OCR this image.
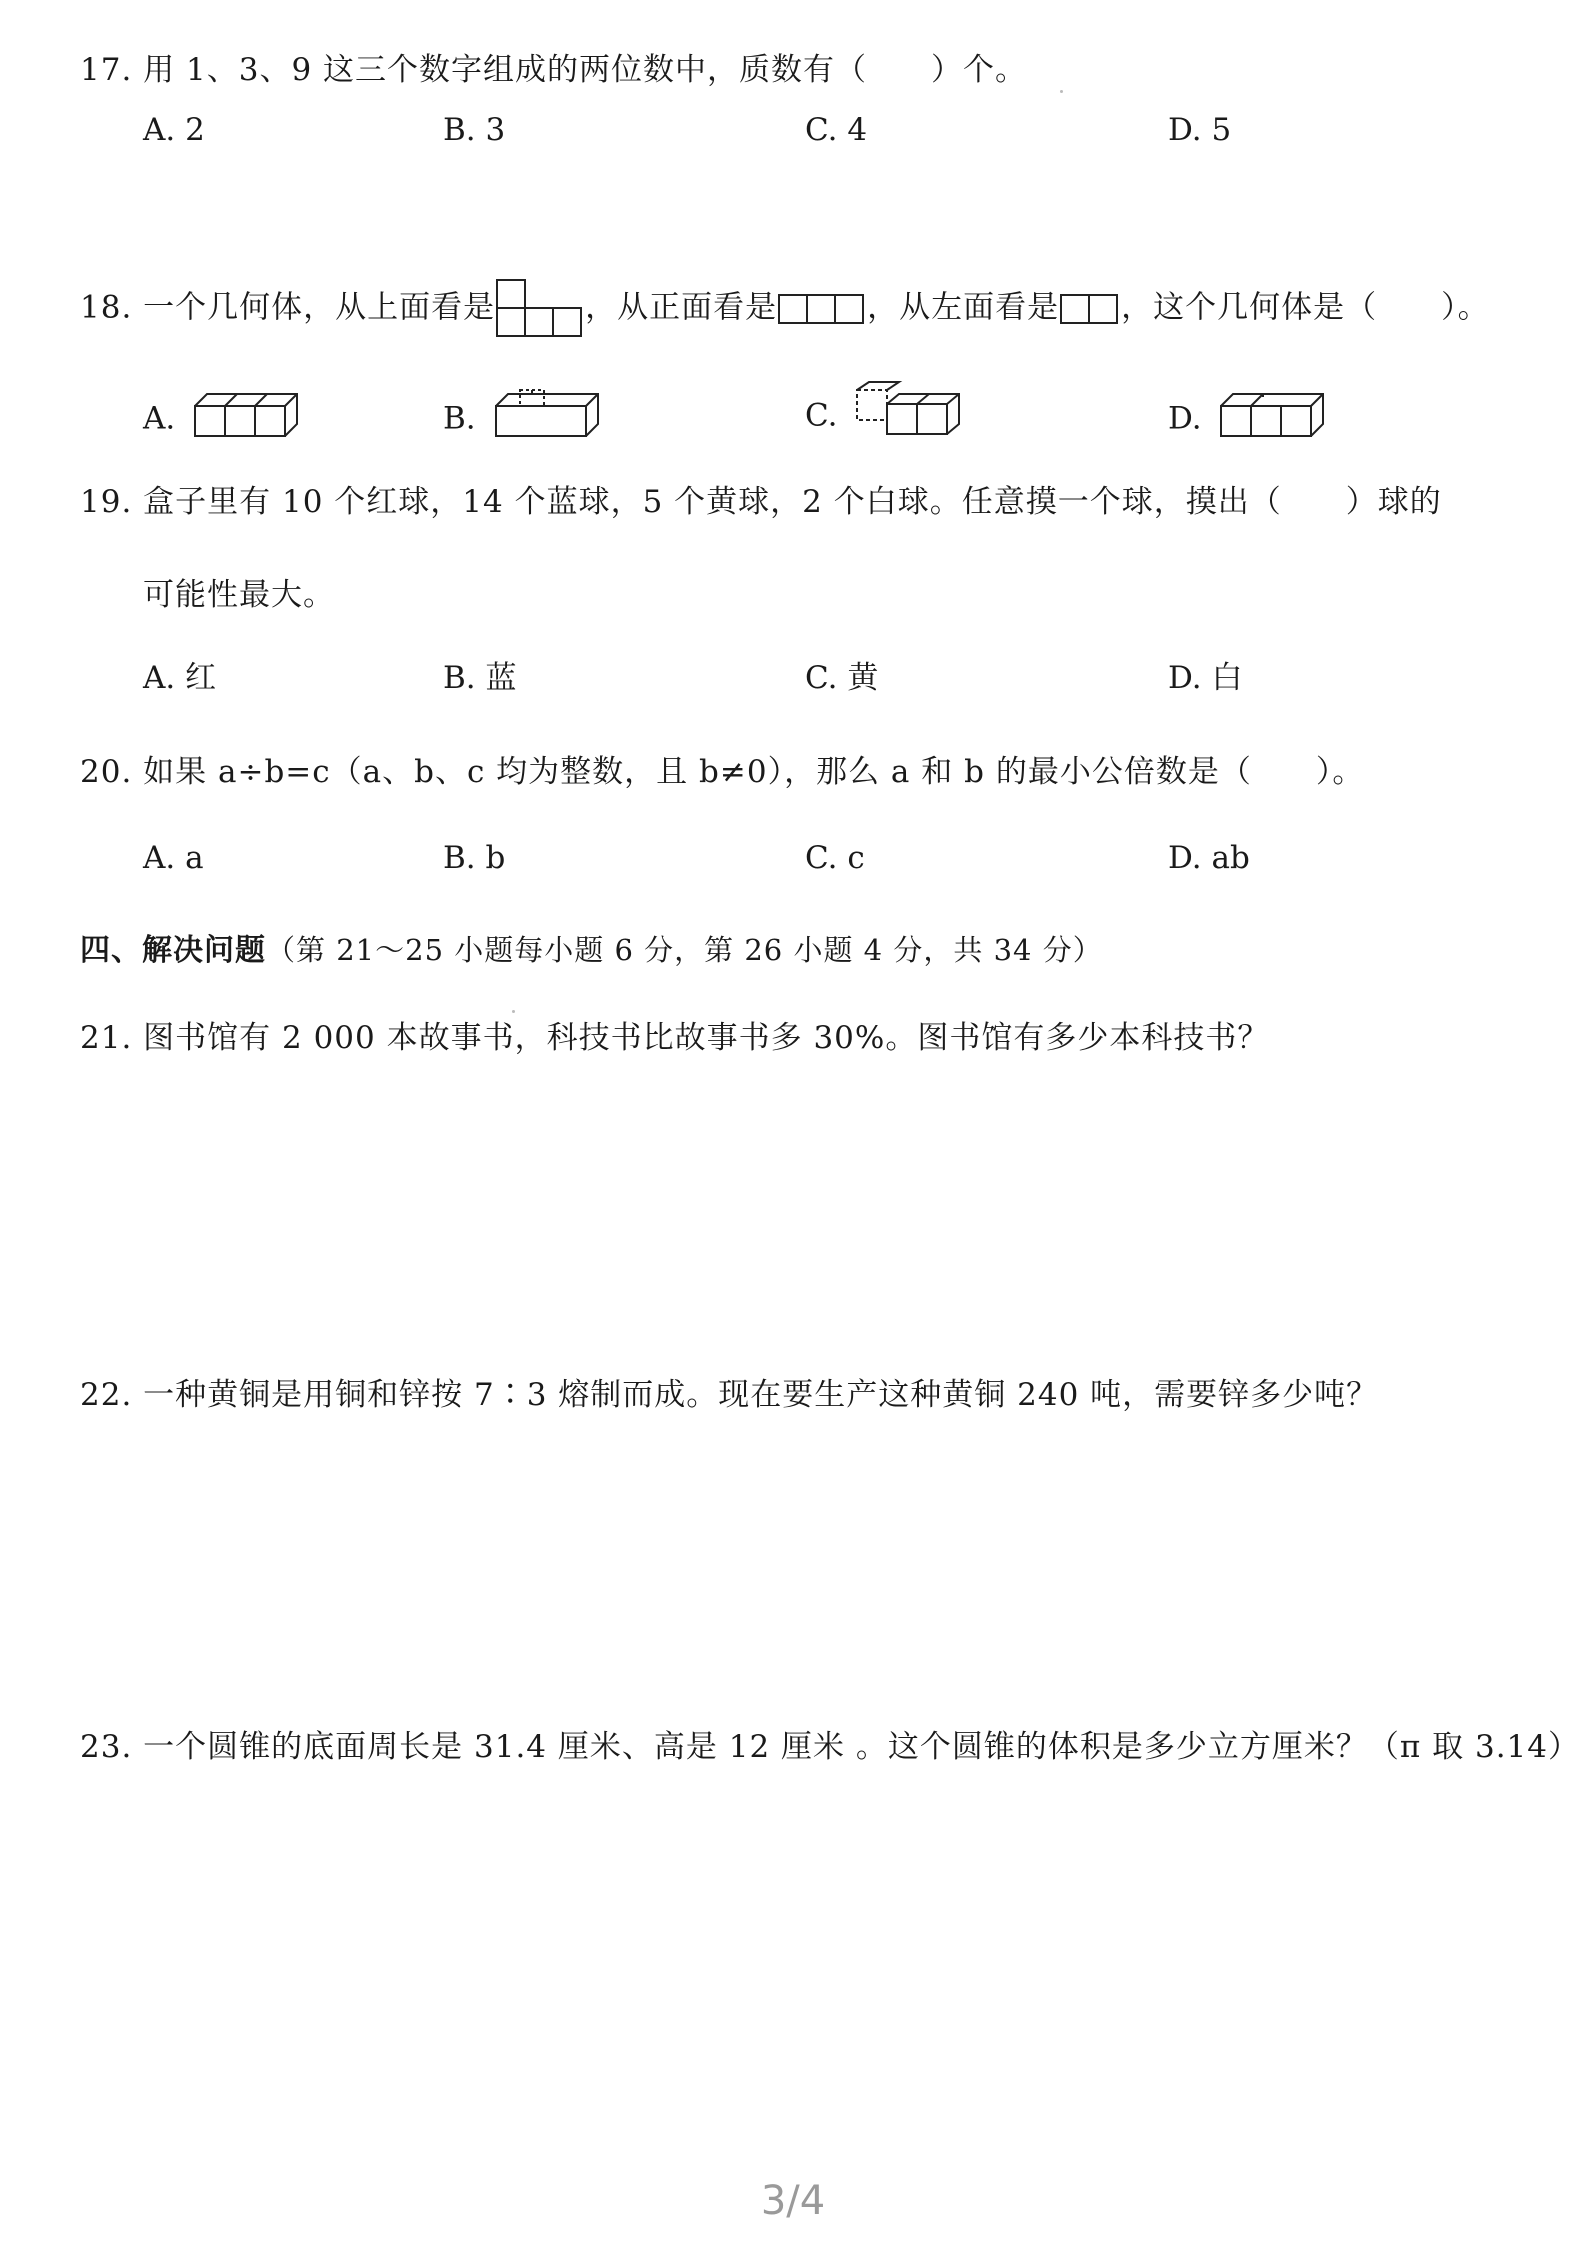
17. 用 1、3、9 这三个数字组成的两位数中，质数有（　　）个。
A. 2	B. 3	C. 4	D. 5
18. 一个几何体，从上面看是	，从正面看是	，从左面看是 ，这个几何体是（　　）。
A.	B.	C.	D.
19. 盒子里有 10 个红球，14 个蓝球，5 个黄球，2 个白球。任意摸一个球，摸出（　　）球的
可能性最大。
A. 红	B. 蓝	C. 黄	D. 白
20. 如果 a÷b=c（a、b、c 均为整数，且 b≠0），那么 a 和 b 的最小公倍数是（　　）。
A. a	B. b	C. c	D. ab
四、解决问题（第 21～25 小题每小题 6 分，第 26 小题 4 分，共 34 分）
21. 图书馆有 2 000 本故事书，科技书比故事书多 30%。图书馆有多少本科技书？
22. 一种黄铜是用铜和锌按 7∶3 熔制而成。现在要生产这种黄铜 240 吨，需要锌多少吨？
23. 一个圆锥的底面周长是 31.4 厘米、高是 12 厘米 。这个圆锥的体积是多少立方厘米？（π 取 3.14）
3/4
